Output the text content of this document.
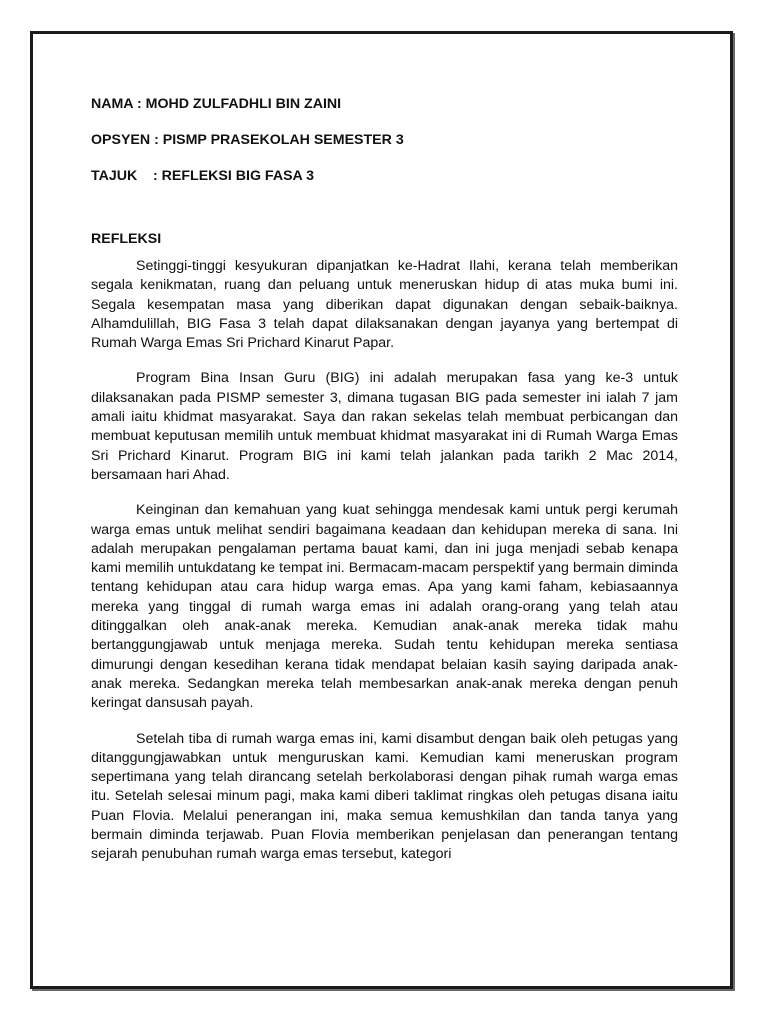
NAMA : MOHD ZULFADHLI BIN ZAINI
OPSYEN : PISMP PRASEKOLAH SEMESTER 3
TAJUK    : REFLEKSI BIG FASA 3
REFLEKSI

Setinggi-tinggi kesyukuran dipanjatkan ke-Hadrat Ilahi, kerana telah memberikan segala kenikmatan, ruang dan peluang untuk meneruskan hidup di atas muka bumi ini. Segala kesempatan masa yang diberikan dapat digunakan dengan sebaik-baiknya. Alhamdulillah, BIG Fasa 3 telah dapat dilaksanakan dengan jayanya yang bertempat di Rumah Warga Emas Sri Prichard Kinarut Papar.

Program Bina Insan Guru (BIG) ini adalah merupakan fasa yang ke-3 untuk dilaksanakan pada PISMP semester 3, dimana tugasan BIG pada semester ini ialah 7 jam amali iaitu khidmat masyarakat. Saya dan rakan sekelas telah membuat perbicangan dan membuat keputusan memilih untuk membuat khidmat masyarakat ini di Rumah Warga Emas Sri Prichard Kinarut. Program BIG ini kami telah jalankan pada tarikh 2 Mac 2014, bersamaan hari Ahad.

Keinginan dan kemahuan yang kuat sehingga mendesak kami untuk pergi kerumah warga emas untuk melihat sendiri bagaimana keadaan dan kehidupan mereka di sana. Ini adalah merupakan pengalaman pertama bauat kami, dan ini juga menjadi sebab kenapa kami memilih untukdatang ke tempat ini. Bermacam-macam perspektif yang bermain diminda tentang kehidupan atau cara hidup warga emas. Apa yang kami faham, kebiasaannya mereka yang tinggal di rumah warga emas ini adalah orang-orang yang telah atau ditinggalkan oleh anak-anak mereka. Kemudian anak-anak mereka tidak mahu bertanggungjawab untuk menjaga mereka. Sudah tentu kehidupan mereka sentiasa dimurungi dengan kesedihan kerana tidak mendapat belaian kasih saying daripada anak-anak mereka. Sedangkan mereka telah membesarkan anak-anak mereka dengan penuh keringat dansusah payah.

Setelah tiba di rumah warga emas ini, kami disambut dengan baik oleh petugas yang ditanggungjawabkan untuk menguruskan kami. Kemudian kami meneruskan program sepertimana yang telah dirancang setelah berkolaborasi dengan pihak rumah warga emas itu. Setelah selesai minum pagi, maka kami diberi taklimat ringkas oleh petugas disana iaitu Puan Flovia. Melalui penerangan ini, maka semua kemushkilan dan tanda tanya yang bermain diminda terjawab. Puan Flovia memberikan penjelasan dan penerangan tentang sejarah penubuhan rumah warga emas tersebut, kategori
